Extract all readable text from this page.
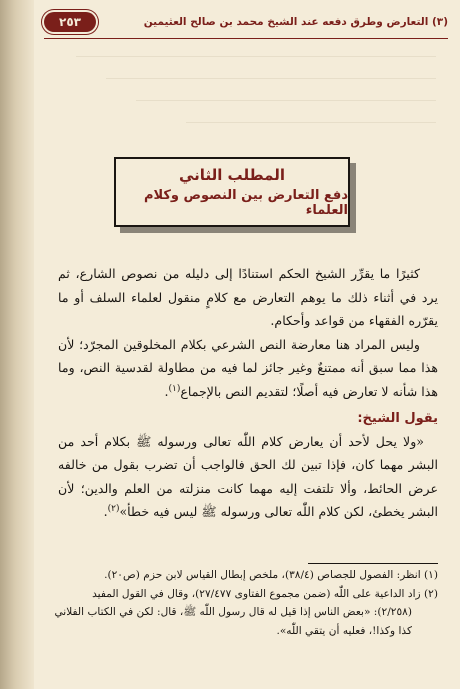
(٣) التعارض وطرق دفعه عند الشيخ محمد بن صالح العثيمين
٢٥٣
المطلب الثاني
دفع التعارض بين النصوص وكلام العلماء

كثيرًا ما يقرِّر الشيخ الحكم استنادًا إلى دليله من نصوص الشارع، ثم يرد في أثناء ذلك ما يوهم التعارض مع كلامٍ منقول لعلماء السلف أو ما يقرّره الفقهاء من قواعد وأحكام.

وليس المراد هنا معارضة النص الشرعي بكلام المخلوقين المجرّد؛ لأن هذا مما سبق أنه ممتنعٌ وغير جائز لما فيه من مطاولة لقدسية النص، وما هذا شأنه لا تعارض فيه أصلًا؛ لتقديم النص بالإجماع$^{(١)}$.

يقول الشيخ:

«ولا يحل لأحد أن يعارض كلام اللّٰه تعالى ورسوله ﷺ بكلام أحد من البشر مهما كان، فإذا تبين لك الحق فالواجب أن تضرب بقول من خالفه عرض الحائط، وألا تلتفت إليه مهما كانت منزلته من العلم والدين؛ لأن البشر يخطئ، لكن كلام اللّٰه تعالى ورسوله ﷺ ليس فيه خطأ»$^{(٢)}$.

(١) انظر: الفصول للجصاص (٣٨/٤)، ملخص إبطال القياس لابن حزم (ص٢٠).

(٢) زاد الداعية على اللّٰه (ضمن مجموع الفتاوى ٢٧/٤٧٧)، وقال في القول المفيد

(٢/٢٥٨): «بعض الناس إذا قيل له قال رسول اللّٰه ﷺ، قال: لكن في الكتاب الفلاني

كذا وكذا!، فعليه أن يتقي اللّٰه».
